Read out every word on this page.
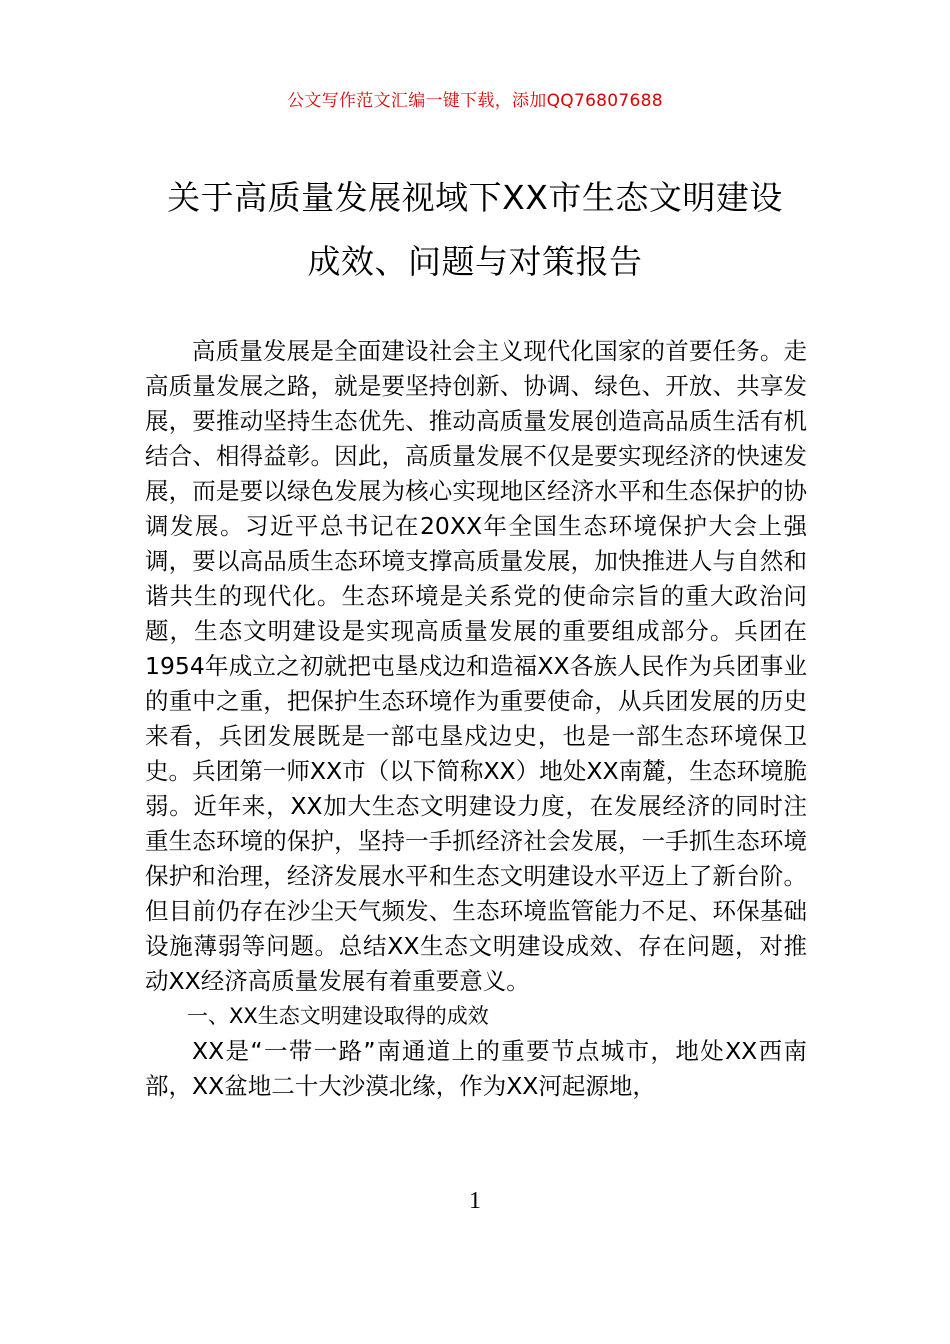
公文写作范文汇编一键下载，添加QQ76807688
关于高质量发展视域下XX市生态文明建设
成效、问题与对策报告

高质量发展是全面建设社会主义现代化国家的首要任务。走高质量发展之路，就是要坚持创新、协调、绿色、开放、共享发展，要推动坚持生态优先、推动高质量发展创造高品质生活有机结合、相得益彰。因此，高质量发展不仅是要实现经济的快速发展，而是要以绿色发展为核心实现地区经济水平和生态保护的协调发展。习近平总书记在20XX年全国生态环境保护大会上强调，要以高品质生态环境支撑高质量发展，加快推进人与自然和谐共生的现代化。生态环境是关系党的使命宗旨的重大政治问题，生态文明建设是实现高质量发展的重要组成部分。兵团在1954年成立之初就把屯垦戍边和造福XX各族人民作为兵团事业的重中之重，把保护生态环境作为重要使命，从兵团发展的历史来看，兵团发展既是一部屯垦戍边史，也是一部生态环境保卫史。兵团第一师XX市（以下简称XX）地处XX南麓，生态环境脆弱。近年来，XX加大生态文明建设力度，在发展经济的同时注重生态环境的保护，坚持一手抓经济社会发展，一手抓生态环境保护和治理，经济发展水平和生态文明建设水平迈上了新台阶。但目前仍存在沙尘天气频发、生态环境监管能力不足、环保基础设施薄弱等问题。总结XX生态文明建设成效、存在问题，对推动XX经济高质量发展有着重要意义。

一、XX生态文明建设取得的成效

XX是“一带一路”南通道上的重要节点城市，地处XX西南部，XX盆地二十大沙漠北缘，作为XX河起源地，

1
